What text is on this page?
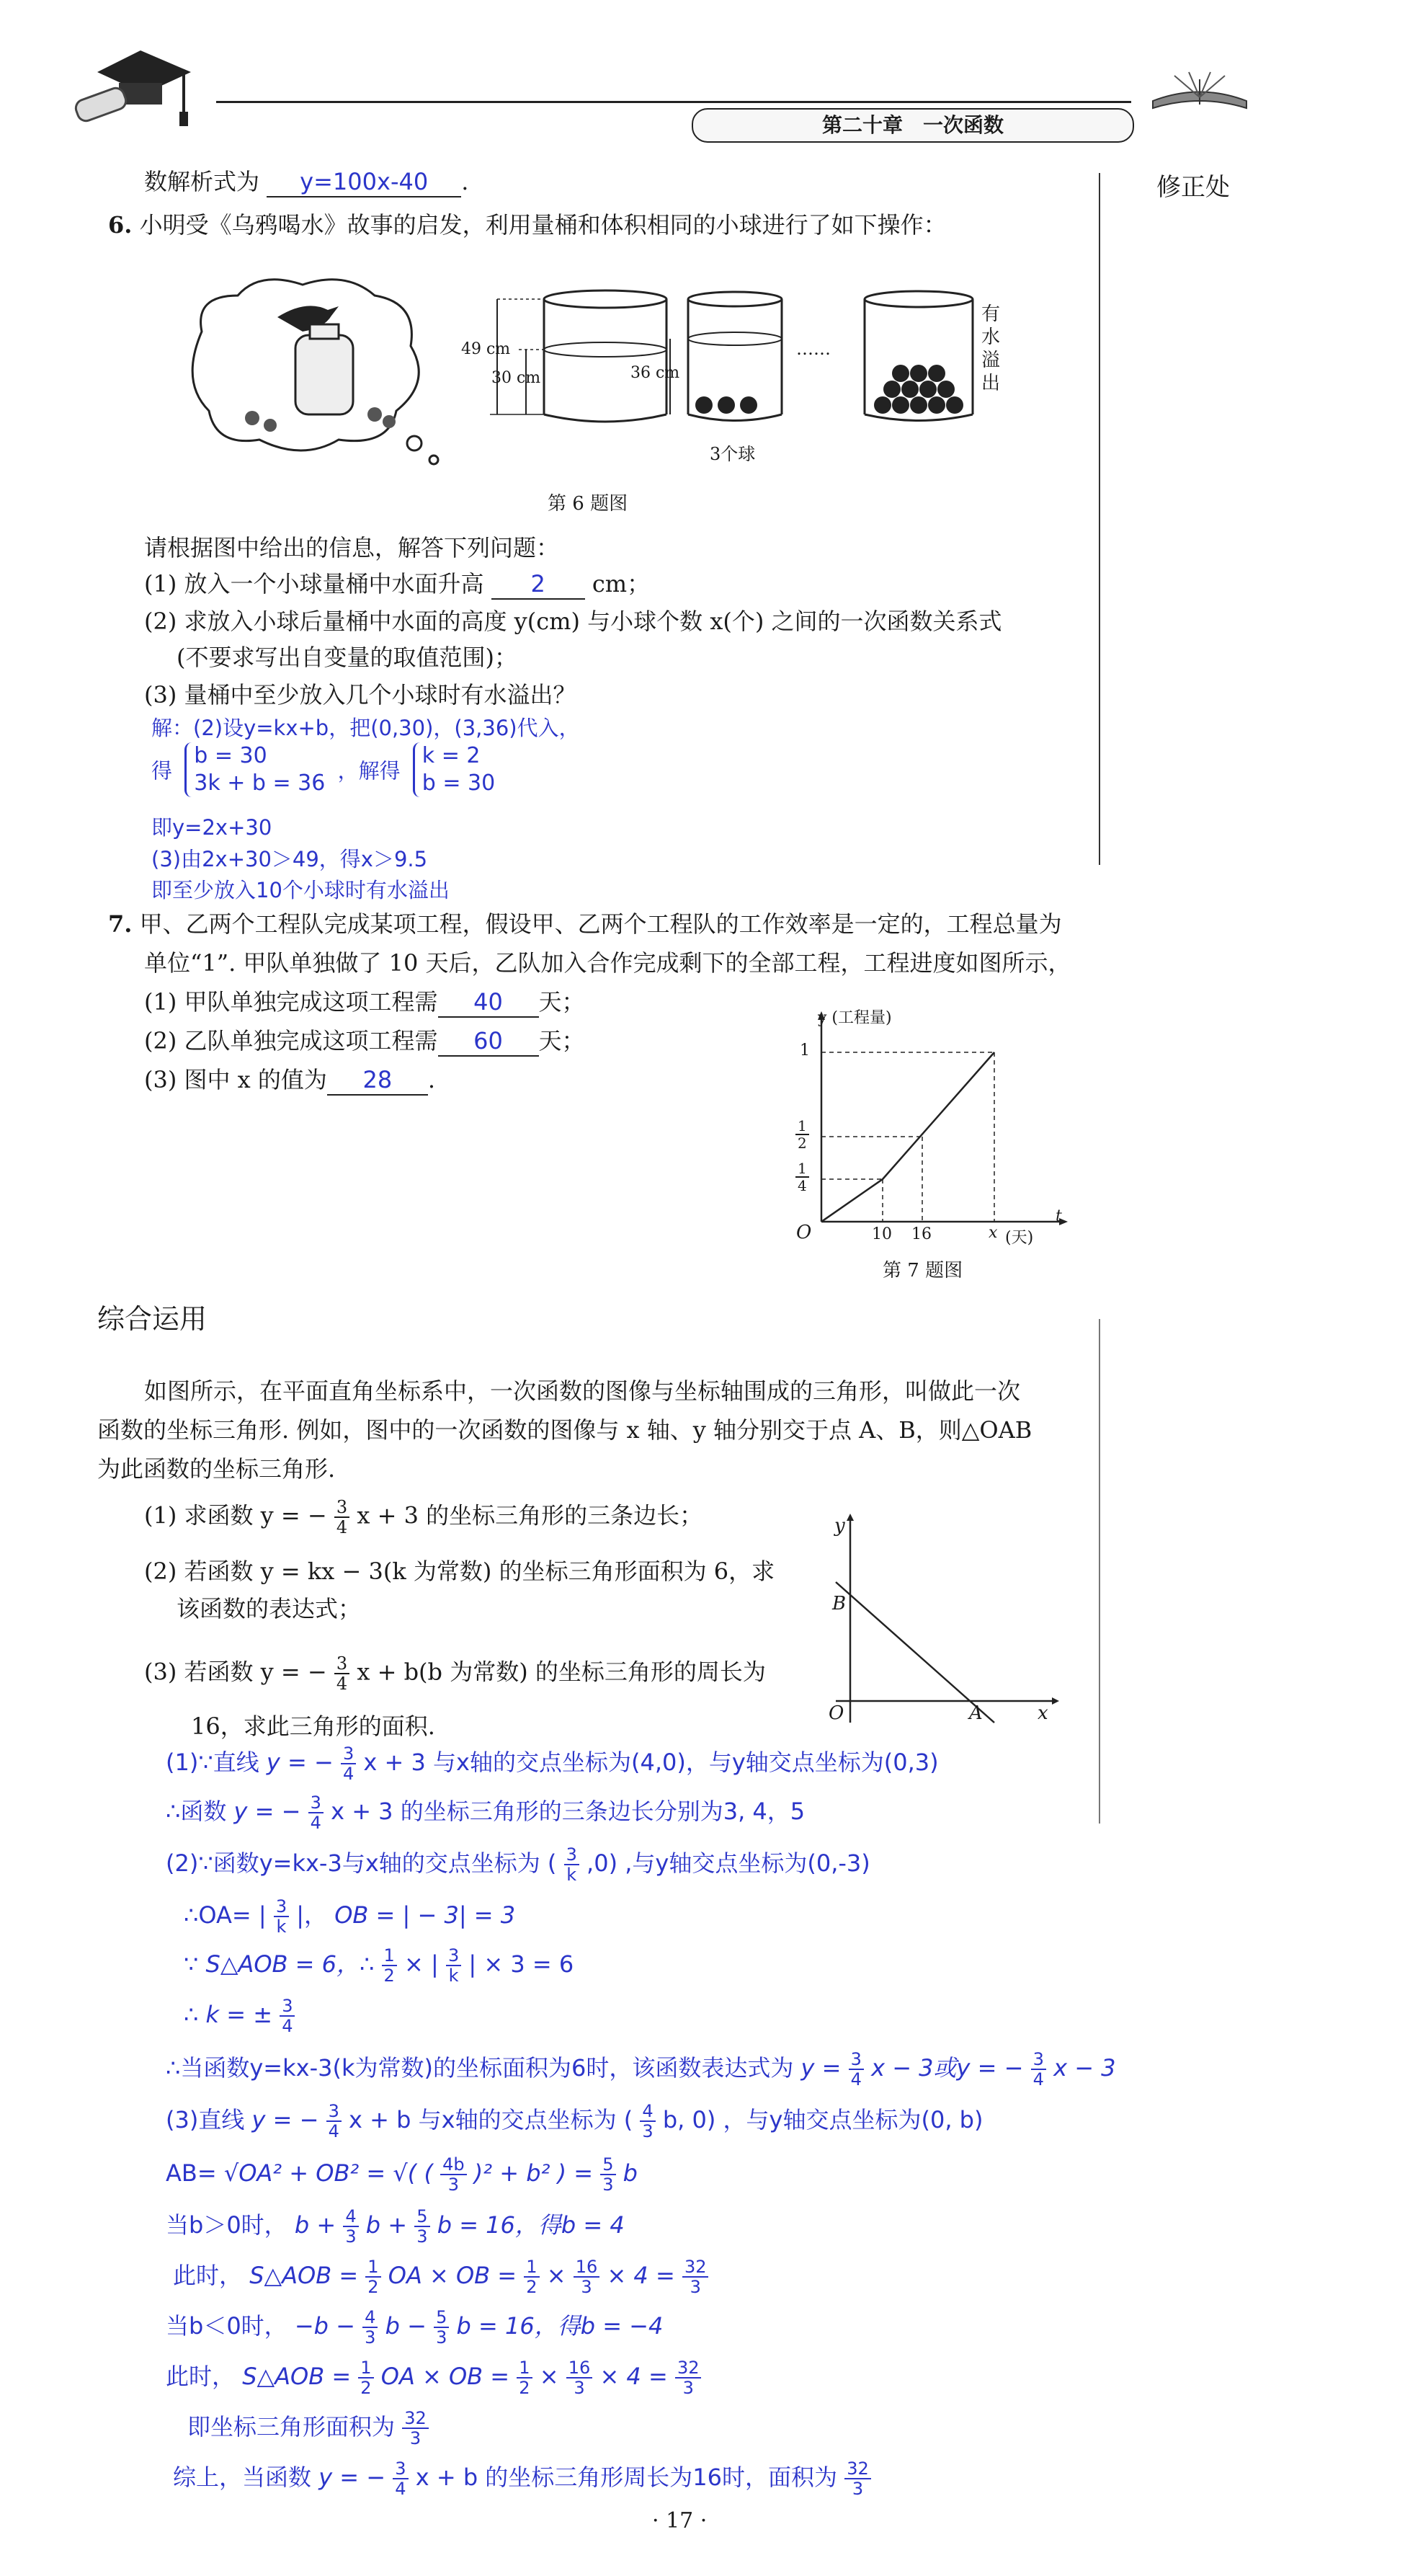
第二十章　一次函数
修正处
数解析式为 y=100x-40 .
6. 小明受《乌鸦喝水》故事的启发，利用量桶和体积相同的小球进行了如下操作：
49 cm
30 cm	36 cm
3个球
……
有水溢出
第 6 题图
请根据图中给出的信息，解答下列问题：
(1) 放入一个小球量桶中水面升高 2 cm；
(2) 求放入小球后量桶中水面的高度 y(cm) 与小球个数 x(个) 之间的一次函数关系式
(不要求写出自变量的取值范围)；
(3) 量桶中至少放入几个小球时有水溢出？
解：(2)设y=kx+b，把(0,30)，(3,36)代入，
得 b = 30
3k + b = 36 ，解得 k = 2
b = 30
即y=2x+30
(3)由2x+30＞49，得x＞9.5
即至少放入10个小球时有水溢出
7. 甲、乙两个工程队完成某项工程，假设甲、乙两个工程队的工作效率是一定的，工程总量为
单位“1”. 甲队单独做了 10 天后，乙队加入合作完成剩下的全部工程，工程进度如图所示，
(1) 甲队单独完成这项工程需 40 天；
(2) 乙队单独完成这项工程需 60 天；
(3) 图中 x 的值为 28 .
y (工程量)
1
$\frac{1}{2}$
$\frac{1}{4}$
O	10 16	x (天)
t
第 7 题图
综合运用
如图所示，在平面直角坐标系中，一次函数的图像与坐标轴围成的三角形，叫做此一次
函数的坐标三角形. 例如，图中的一次函数的图像与 x 轴、y 轴分别交于点 A、B，则△OAB
为此函数的坐标三角形.
(1) 求函数 y = − $\frac{3}{4}$ x + 3 的坐标三角形的三条边长；
(2) 若函数 y = kx − 3(k 为常数) 的坐标三角形面积为 6，求
该函数的表达式；
(3) 若函数 y = − $\frac{3}{4}$ x + b(b 为常数) 的坐标三角形的周长为
16，求此三角形的面积.
y
B
O	A	x
(1)∵直线 y = − $\frac{3}{4}$ x + 3 与x轴的交点坐标为(4,0)，与y轴交点坐标为(0,3)
∴函数 y = − $\frac{3}{4}$ x + 3 的坐标三角形的三条边长分别为3, 4，5
(2)∵函数y=kx-3与x轴的交点坐标为 ( $\frac{3}{k} ,0$) ,与y轴交点坐标为(0,-3)
∴OA= | $\frac{3}{k}$ |， OB = | − 3| = 3
∵ S△AOB = 6，∴ $\frac{1}{2}$ × | $\frac{3}{k}$ | × 3 = 6
∴ k = ± $\frac{3}{4}$
∴当函数y=kx-3(k为常数)的坐标面积为6时，该函数表达式为 $y = \frac{3}{4}$ x − 3或y = − $\frac{3}{4}$ x − 3
(3)直线 y = − $\frac{3}{4}$ x + b 与x轴的交点坐标为 ( $\frac{4}{3} b$, 0) ，与y轴交点坐标为(0, b)
AB= √OA² + OB² = √( ( $\frac{4b}{3} )^2 + b^2$ ) = $\frac{5}{3}$ b
当b＞0时， $b + \frac{4}{3}$ $b + \frac{5}{3}$ b = 16，得b = 4
此时， S△AOB = $\frac{1}{2}$ OA × OB = $\frac{1}{2} \times \frac{16}{3} \times 4 = \frac{32}{3}$
当b＜0时， $-b - \frac{4}{3}$ $b - \frac{5}{3}$ b = 16，得b = −4
此时， S△AOB = $\frac{1}{2}$ OA × OB = $\frac{1}{2} \times \frac{16}{3} \times 4 = \frac{32}{3}$
即坐标三角形面积为 $\frac{32}{3}$
综上，当函数 y = − $\frac{3}{4}$ x + b 的坐标三角形周长为16时，面积为 $\frac{32}{3}$
· 17 ·
